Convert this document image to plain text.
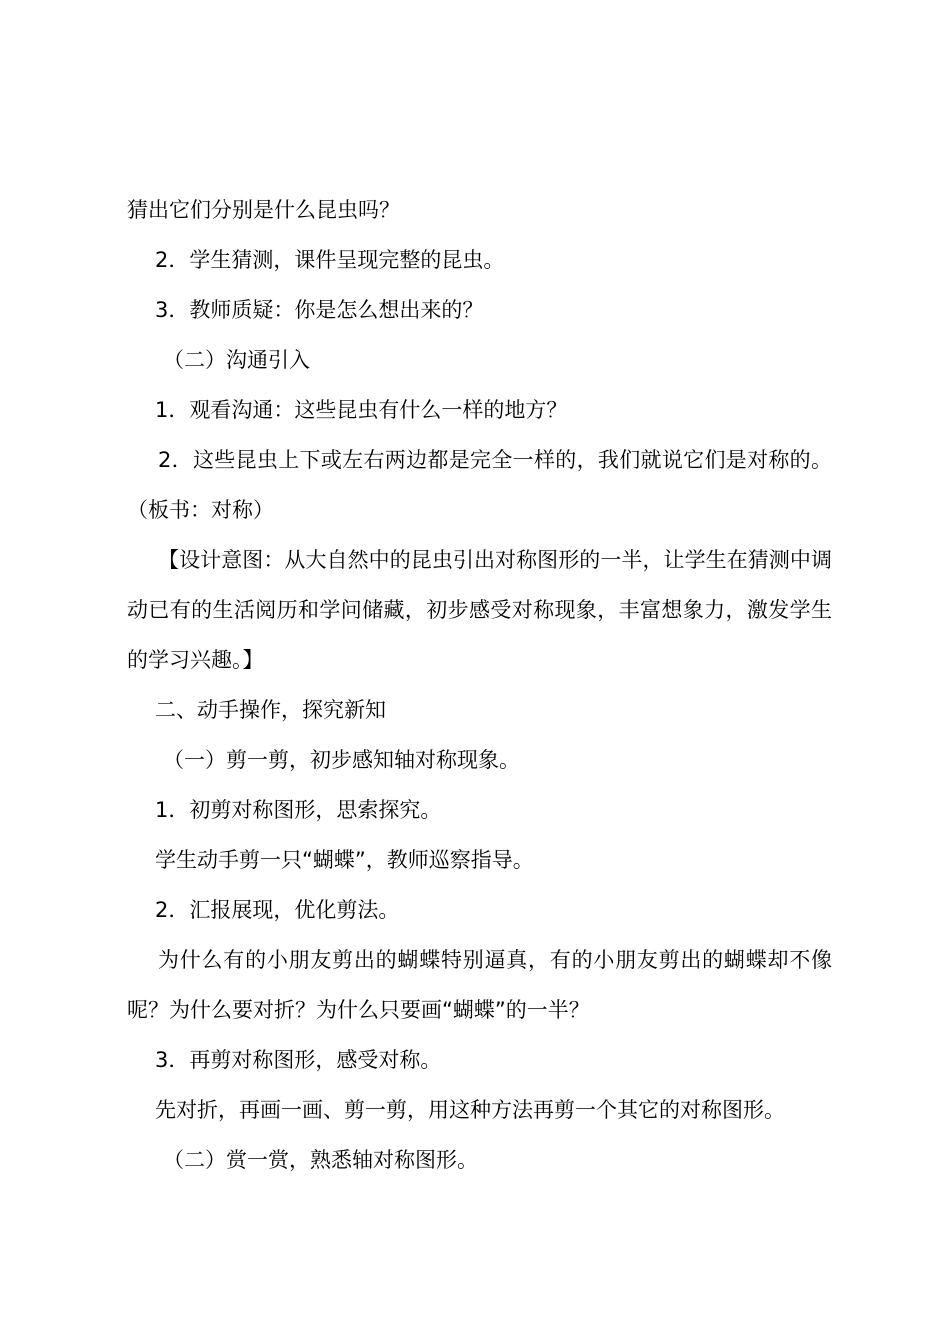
猜出它们分别是什么昆虫吗？

2．学生猜测，课件呈现完整的昆虫。

3．教师质疑：你是怎么想出来的？

（二）沟通引入

1．观看沟通：这些昆虫有什么一样的地方？

2．这些昆虫上下或左右两边都是完全一样的，我们就说它们是对称的。（板书：对称）

【设计意图：从大自然中的昆虫引出对称图形的一半，让学生在猜测中调动已有的生活阅历和学问储藏，初步感受对称现象，丰富想象力，激发学生的学习兴趣。】

二、动手操作，探究新知

（一）剪一剪，初步感知轴对称现象。

1．初剪对称图形，思索探究。

学生动手剪一只“蝴蝶”，教师巡察指导。

2．汇报展现，优化剪法。

为什么有的小朋友剪出的蝴蝶特别逼真，有的小朋友剪出的蝴蝶却不像呢？为什么要对折？为什么只要画“蝴蝶”的一半？

3．再剪对称图形，感受对称。

先对折，再画一画、剪一剪，用这种方法再剪一个其它的对称图形。

（二）赏一赏，熟悉轴对称图形。
